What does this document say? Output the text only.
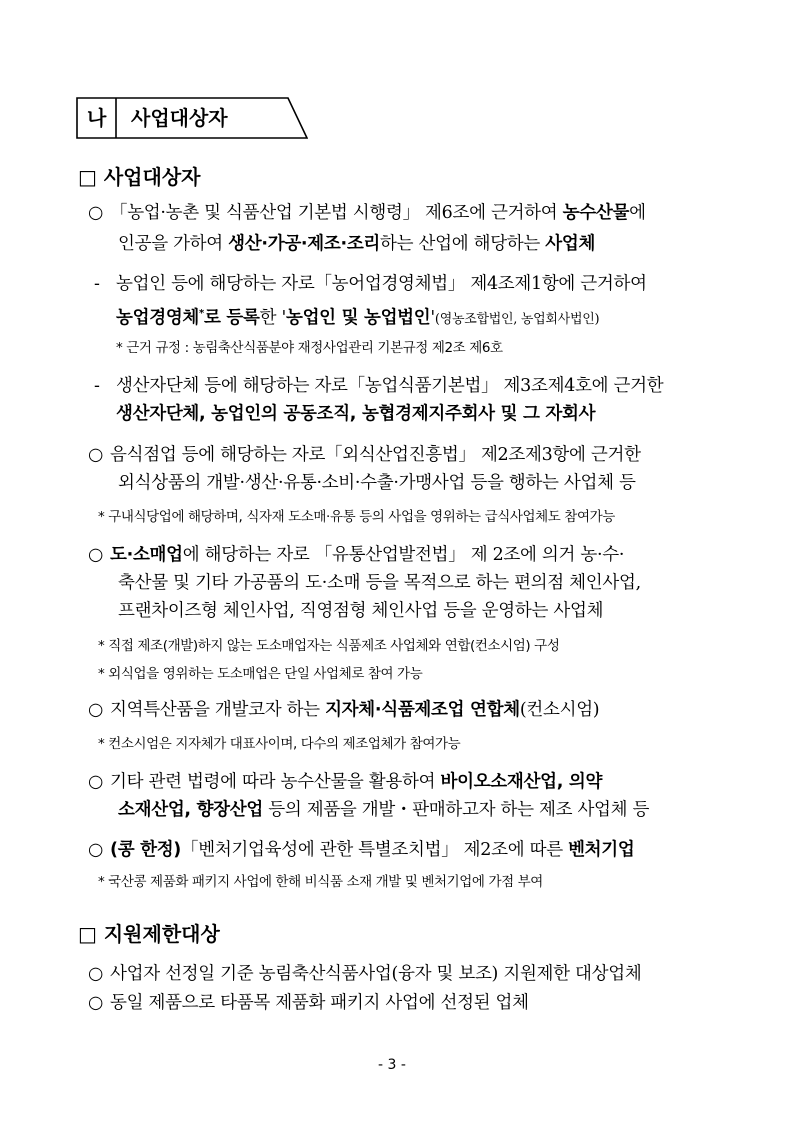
나 사업대상자
□ 사업대상자
○ 「농업·농촌 및 식품산업 기본법 시행령」 제6조에 근거하여 농수산물에
인공을 가하여 생산·가공·제조·조리하는 산업에 해당하는 사업체
- 농업인 등에 해당하는 자로「농어업경영체법」 제4조제1항에 근거하여
농업경영체*로 등록한 '농업인 및 농업법인'(영농조합법인, 농업회사법인)
* 근거 규정 : 농림축산식품분야 재정사업관리 기본규정 제2조 제6호
- 생산자단체 등에 해당하는 자로「농업식품기본법」 제3조제4호에 근거한
생산자단체, 농업인의 공동조직, 농협경제지주회사 및 그 자회사
○ 음식점업 등에 해당하는 자로「외식산업진흥법」 제2조제3항에 근거한
외식상품의 개발·생산·유통·소비·수출·가맹사업 등을 행하는 사업체 등
* 구내식당업에 해당하며, 식자재 도소매·유통 등의 사업을 영위하는 급식사업체도 참여가능
○ 도·소매업에 해당하는 자로 「유통산업발전법」 제 2조에 의거 농·수·
축산물 및 기타 가공품의 도·소매 등을 목적으로 하는 편의점 체인사업,
프랜차이즈형 체인사업, 직영점형 체인사업 등을 운영하는 사업체
* 직접 제조(개발)하지 않는 도소매업자는 식품제조 사업체와 연합(컨소시엄) 구성
* 외식업을 영위하는 도소매업은 단일 사업체로 참여 가능
○ 지역특산품을 개발코자 하는 지자체·식품제조업 연합체(컨소시엄)
* 컨소시엄은 지자체가 대표사이며, 다수의 제조업체가 참여가능
○ 기타 관련 법령에 따라 농수산물을 활용하여 바이오소재산업, 의약
소재산업, 향장산업 등의 제품을 개발・판매하고자 하는 제조 사업체 등
○ (콩 한정)「벤처기업육성에 관한 특별조치법」 제2조에 따른 벤처기업
* 국산콩 제품화 패키지 사업에 한해 비식품 소재 개발 및 벤처기업에 가점 부여
□ 지원제한대상
○ 사업자 선정일 기준 농림축산식품사업(융자 및 보조) 지원제한 대상업체
○ 동일 제품으로 타품목 제품화 패키지 사업에 선정된 업체
- 3 -
